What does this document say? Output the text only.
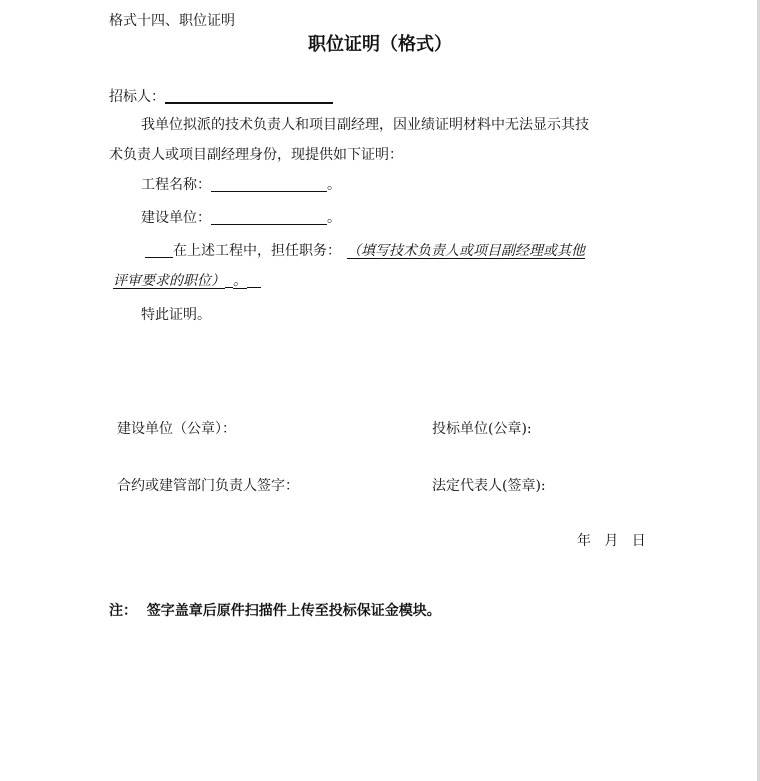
格式十四、职位证明
职位证明（格式）
招标人：
我单位拟派的技术负责人和项目副经理，因业绩证明材料中无法显示其技
术负责人或项目副经理身份，现提供如下证明：
工程名称：	。
建设单位：	。
在上述工程中，担任职务： （填写技术负责人或项目副经理或其他
评审要求的职位） 。
特此证明。
建设单位（公章）：	投标单位(公章):
合约或建管部门负责人签字：	法定代表人(签章):
年   月   日
注：  签字盖章后原件扫描件上传至投标保证金模块。
